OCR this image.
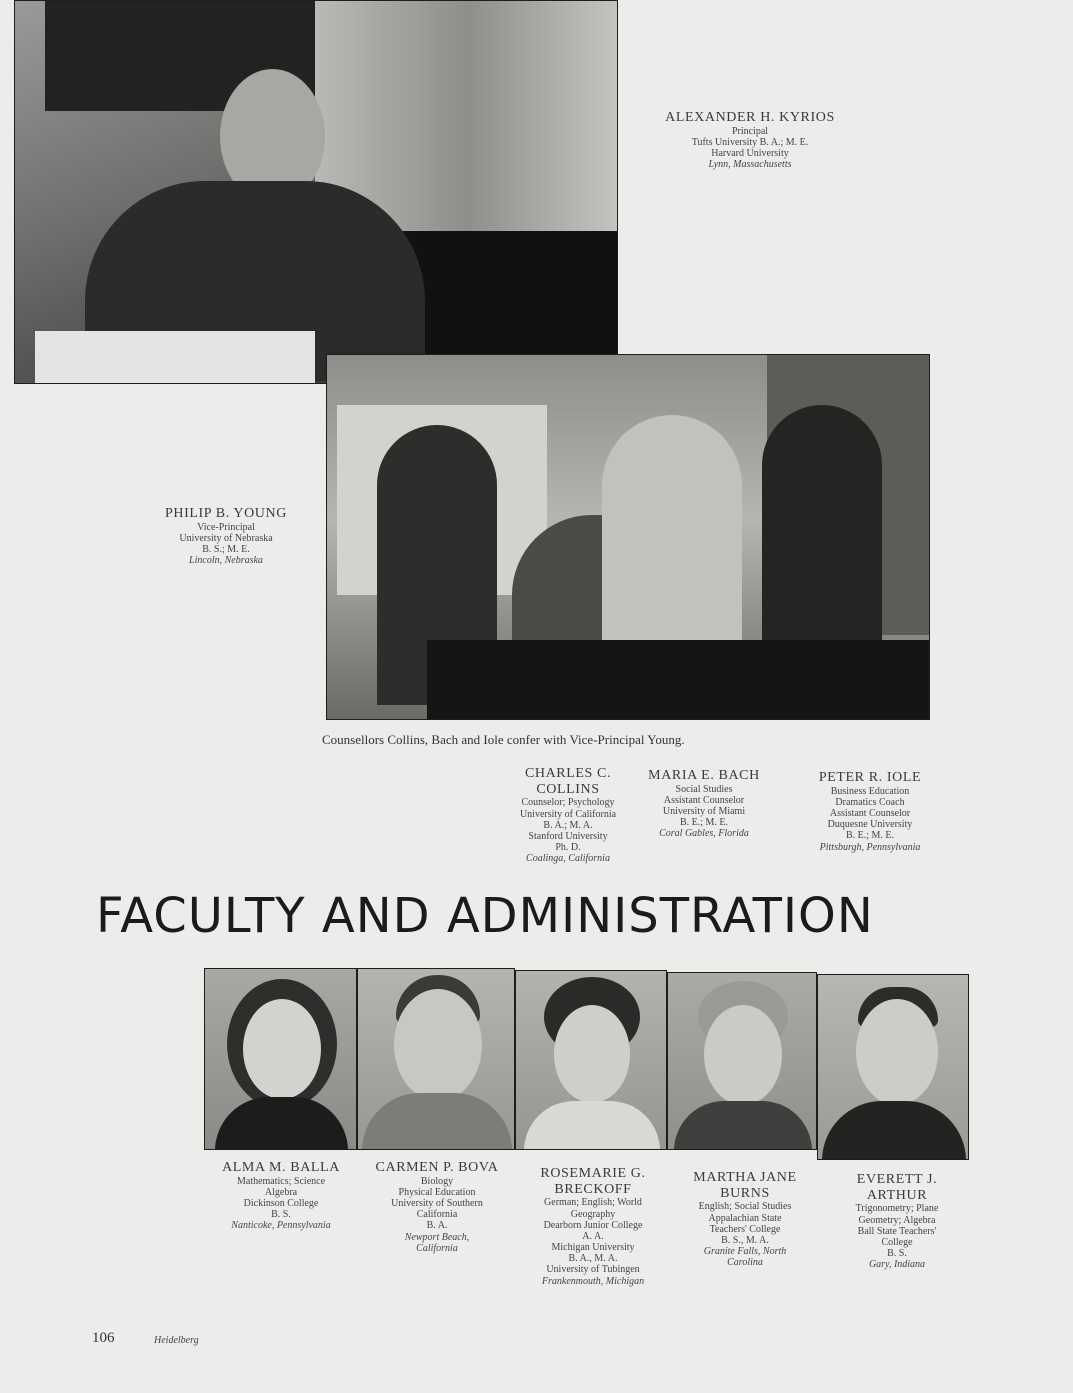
ALEXANDER H. KYRIOS
Principal
Tufts University B. A.; M. E.
Harvard University
Lynn, Massachusetts
PHILIP B. YOUNG
Vice-Principal
University of Nebraska
B. S.; M. E.
Lincoln, Nebraska
Counsellors Collins, Bach and Iole confer with Vice-Principal Young.
CHARLES C. COLLINS
Counselor; Psychology
University of California
B. A.; M. A.
Stanford University
Ph. D.
Coalinga, California
MARIA E. BACH
Social Studies
Assistant Counselor
University of Miami
B. E.; M. E.
Coral Gables, Florida
PETER R. IOLE
Business Education
Dramatics Coach
Assistant Counselor
Duquesne University
B. E.; M. E.
Pittsburgh, Pennsylvania
FACULTY AND ADMINISTRATION
ALMA M. BALLA
Mathematics; Science
Algebra
Dickinson College
B. S.
Nanticoke, Pennsylvania
CARMEN P. BOVA
Biology
Physical Education
University of Southern
California
B. A.
Newport Beach, California
ROSEMARIE G. BRECKOFF
German; English; World
Geography
Dearborn Junior College
A. A.
Michigan University
B. A., M. A.
University of Tubingen
Frankenmouth, Michigan
MARTHA JANE BURNS
English; Social Studies
Appalachian State
Teachers' College
B. S., M. A.
Granite Falls, North Carolina
EVERETT J. ARTHUR
Trigonometry; Plane
Geometry; Algebra
Ball State Teachers'
College
B. S.
Gary, Indiana
106	Heidelberg
